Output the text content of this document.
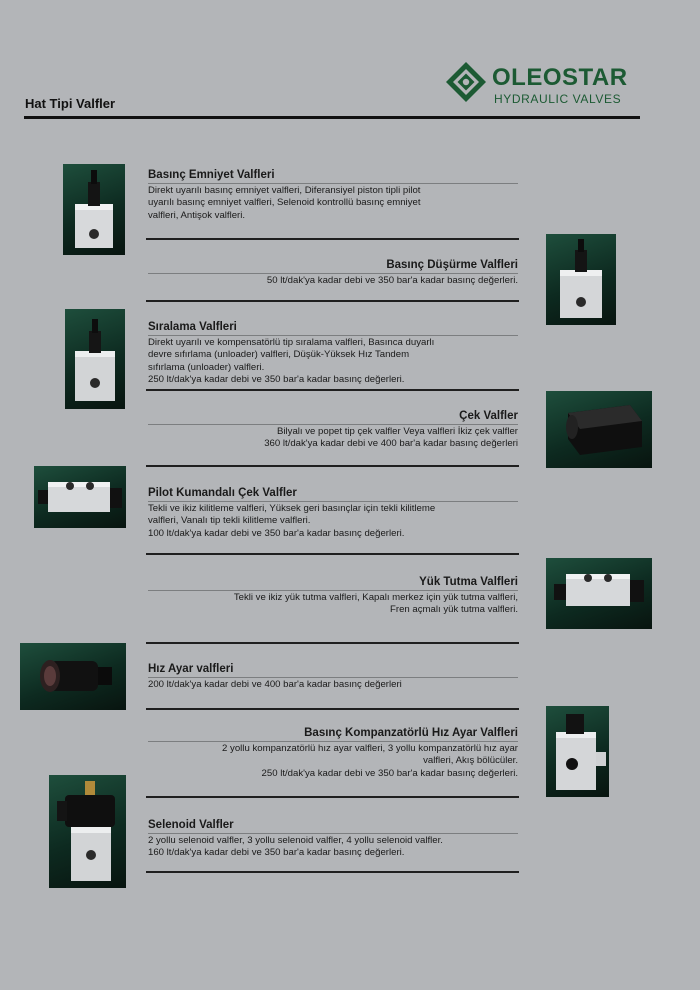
Hat Tipi Valfler
OLEOSTAR
HYDRAULIC VALVES
Basınç Emniyet Valfleri
Direkt uyarılı basınç emniyet valfleri, Diferansiyel piston tipli pilot
uyarılı basınç emniyet valfleri, Selenoid kontrollü basınç emniyet
valfleri, Antişok valfleri.
Basınç Düşürme Valfleri
50 lt/dak'ya kadar debi ve 350 bar'a kadar basınç değerleri.
Sıralama Valfleri
Direkt uyarılı ve kompensatörlü tip sıralama valfleri, Basınca duyarlı
devre sıfırlama (unloader) valfleri, Düşük-Yüksek Hız Tandem
sıfırlama (unloader) valfleri.
250 lt/dak'ya kadar debi ve 350 bar'a kadar basınç değerleri.
Çek Valfler
Bilyalı ve popet tip çek valfler Veya valfleri İkiz çek valfler
360 lt/dak'ya kadar debi ve 400 bar'a kadar basınç değerleri
Pilot Kumandalı Çek Valfler
Tekli ve ikiz kilitleme valfleri, Yüksek geri basınçlar için tekli kilitleme
valfleri, Vanalı tip tekli kilitleme valfleri.
100 lt/dak'ya kadar debi ve 350 bar'a kadar basınç değerleri.
Yük Tutma Valfleri
Tekli ve ikiz yük tutma valfleri, Kapalı merkez için yük tutma valfleri,
Fren açmalı yük tutma valfleri.
Hız Ayar valfleri
200 lt/dak'ya kadar debi ve 400 bar'a kadar basınç değerleri
Basınç Kompanzatörlü Hız Ayar Valfleri
2 yollu kompanzatörlü hız ayar valfleri, 3 yollu kompanzatörlü hız ayar
valfleri, Akış bölücüler.
250 lt/dak'ya kadar debi ve 350 bar'a kadar basınç değerleri.
Selenoid Valfler
2 yollu selenoid valfler, 3 yollu selenoid valfler, 4 yollu selenoid valfler.
160 lt/dak'ya kadar debi ve 350 bar'a kadar basınç değerleri.
